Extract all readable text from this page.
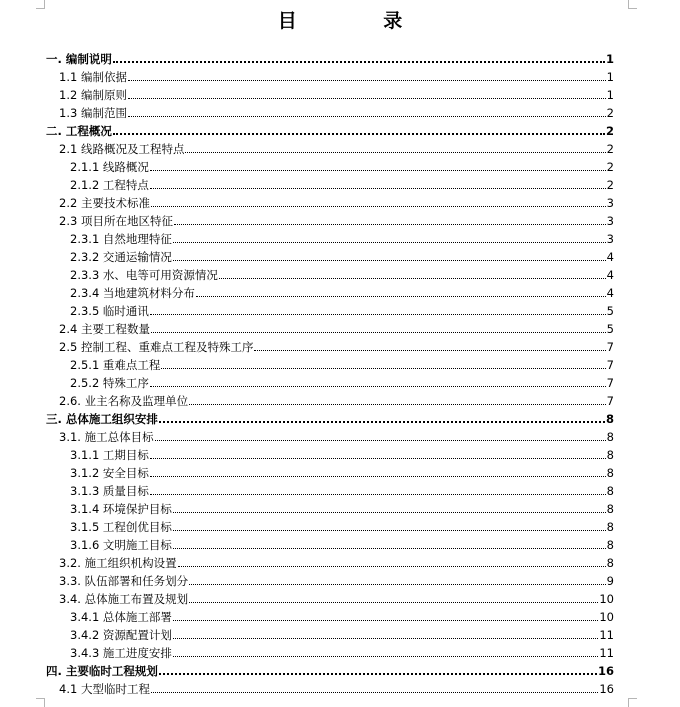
目 录
一. 编制说明	1
1.1 编制依据	1
1.2 编制原则	1
1.3 编制范围	2
二. 工程概况	2
2.1 线路概况及工程特点	2
2.1.1 线路概况	2
2.1.2 工程特点	2
2.2 主要技术标准	3
2.3 项目所在地区特征	3
2.3.1 自然地理特征	3
2.3.2 交通运输情况	4
2.3.3 水、电等可用资源情况	4
2.3.4 当地建筑材料分布	4
2.3.5 临时通讯	5
2.4 主要工程数量	5
2.5 控制工程、重难点工程及特殊工序	7
2.5.1 重难点工程	7
2.5.2 特殊工序	7
2.6. 业主名称及监理单位	7
三. 总体施工组织安排	8
3.1. 施工总体目标	8
3.1.1 工期目标	8
3.1.2 安全目标	8
3.1.3 质量目标	8
3.1.4 环境保护目标	8
3.1.5 工程创优目标	8
3.1.6 文明施工目标	8
3.2. 施工组织机构设置	8
3.3. 队伍部署和任务划分	9
3.4. 总体施工布置及规划	10
3.4.1 总体施工部署	10
3.4.2 资源配置计划	11
3.4.3 施工进度安排	11
四. 主要临时工程规划	16
4.1 大型临时工程	16
